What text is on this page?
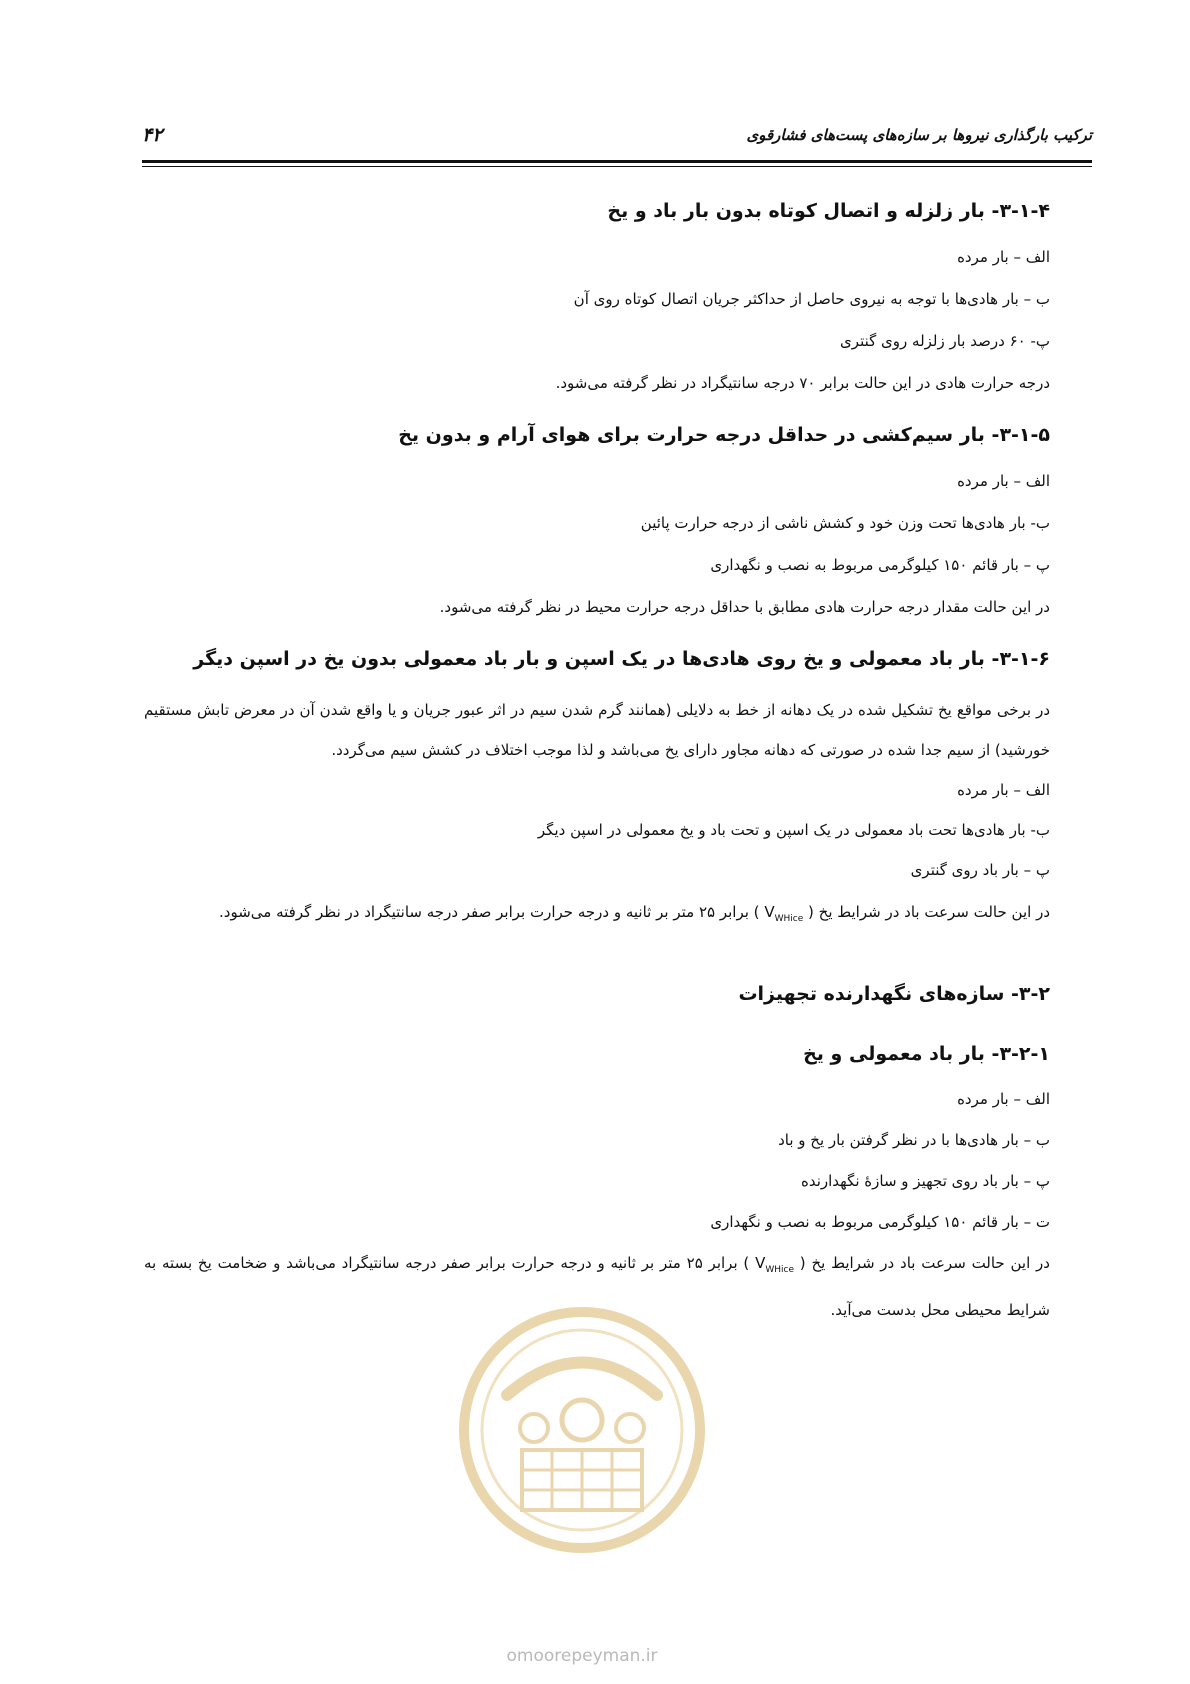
ترکیب بارگذاری نیروها بر سازه‌های پست‌های فشارقوی
۴۲
۳-۱-۴- بار زلزله و اتصال کوتاه بدون بار باد و یخ

الف – بار مرده

ب – بار هادی‌ها با توجه به نیروی حاصل از حداکثر جریان اتصال کوتاه روی آن

پ- ۶۰ درصد بار زلزله روی گنتری

درجه حرارت هادی در این حالت برابر ۷۰ درجه سانتیگراد در نظر گرفته می‌شود.

۳-۱-۵- بار سیم‌کشی در حداقل درجه حرارت برای هوای آرام و بدون یخ

الف – بار مرده

ب- بار هادی‌ها تحت وزن خود و کشش ناشی از درجه حرارت پائین

پ – بار قائم ۱۵۰ کیلوگرمی مربوط به نصب و نگهداری

در این حالت مقدار درجه حرارت هادی مطابق با حداقل درجه حرارت محیط در نظر گرفته می‌شود.

۳-۱-۶- بار باد معمولی و یخ روی هادی‌ها در یک اسپن و بار باد معمولی بدون یخ در اسپن دیگر

در برخی مواقع یخ تشکیل شده در یک دهانه از خط به دلایلی (همانند گرم شدن سیم در اثر عبور جریان و یا واقع شدن آن در معرض تابش مستقیم خورشید) از سیم جدا شده در صورتی که دهانه مجاور دارای یخ می‌باشد و لذا موجب اختلاف در کشش سیم می‌گردد.

الف – بار مرده

ب- بار هادی‌ها تحت باد معمولی در یک اسپن و تحت باد و یخ معمولی در اسپن دیگر

پ – بار باد روی گنتری

در این حالت سرعت باد در شرایط یخ ( $V_{WHice}$ ) برابر ۲۵ متر بر ثانیه و درجه حرارت برابر صفر درجه سانتیگراد در نظر گرفته می‌شود.

۳-۲- سازه‌های نگهدارنده تجهیزات
۳-۲-۱- بار باد معمولی و یخ

الف – بار مرده

ب – بار هادی‌ها با در نظر گرفتن بار یخ و باد

پ – بار باد روی تجهیز و سازهٔ نگهدارنده

ت – بار قائم ۱۵۰ کیلوگرمی مربوط به نصب و نگهداری

در این حالت سرعت باد در شرایط یخ ( $V_{WHice}$ ) برابر ۲۵ متر بر ثانیه و درجه حرارت برابر صفر درجه سانتیگراد می‌باشد و ضخامت یخ بسته به شرایط محیطی محل بدست می‌آید.

omoorepeyman.ir
